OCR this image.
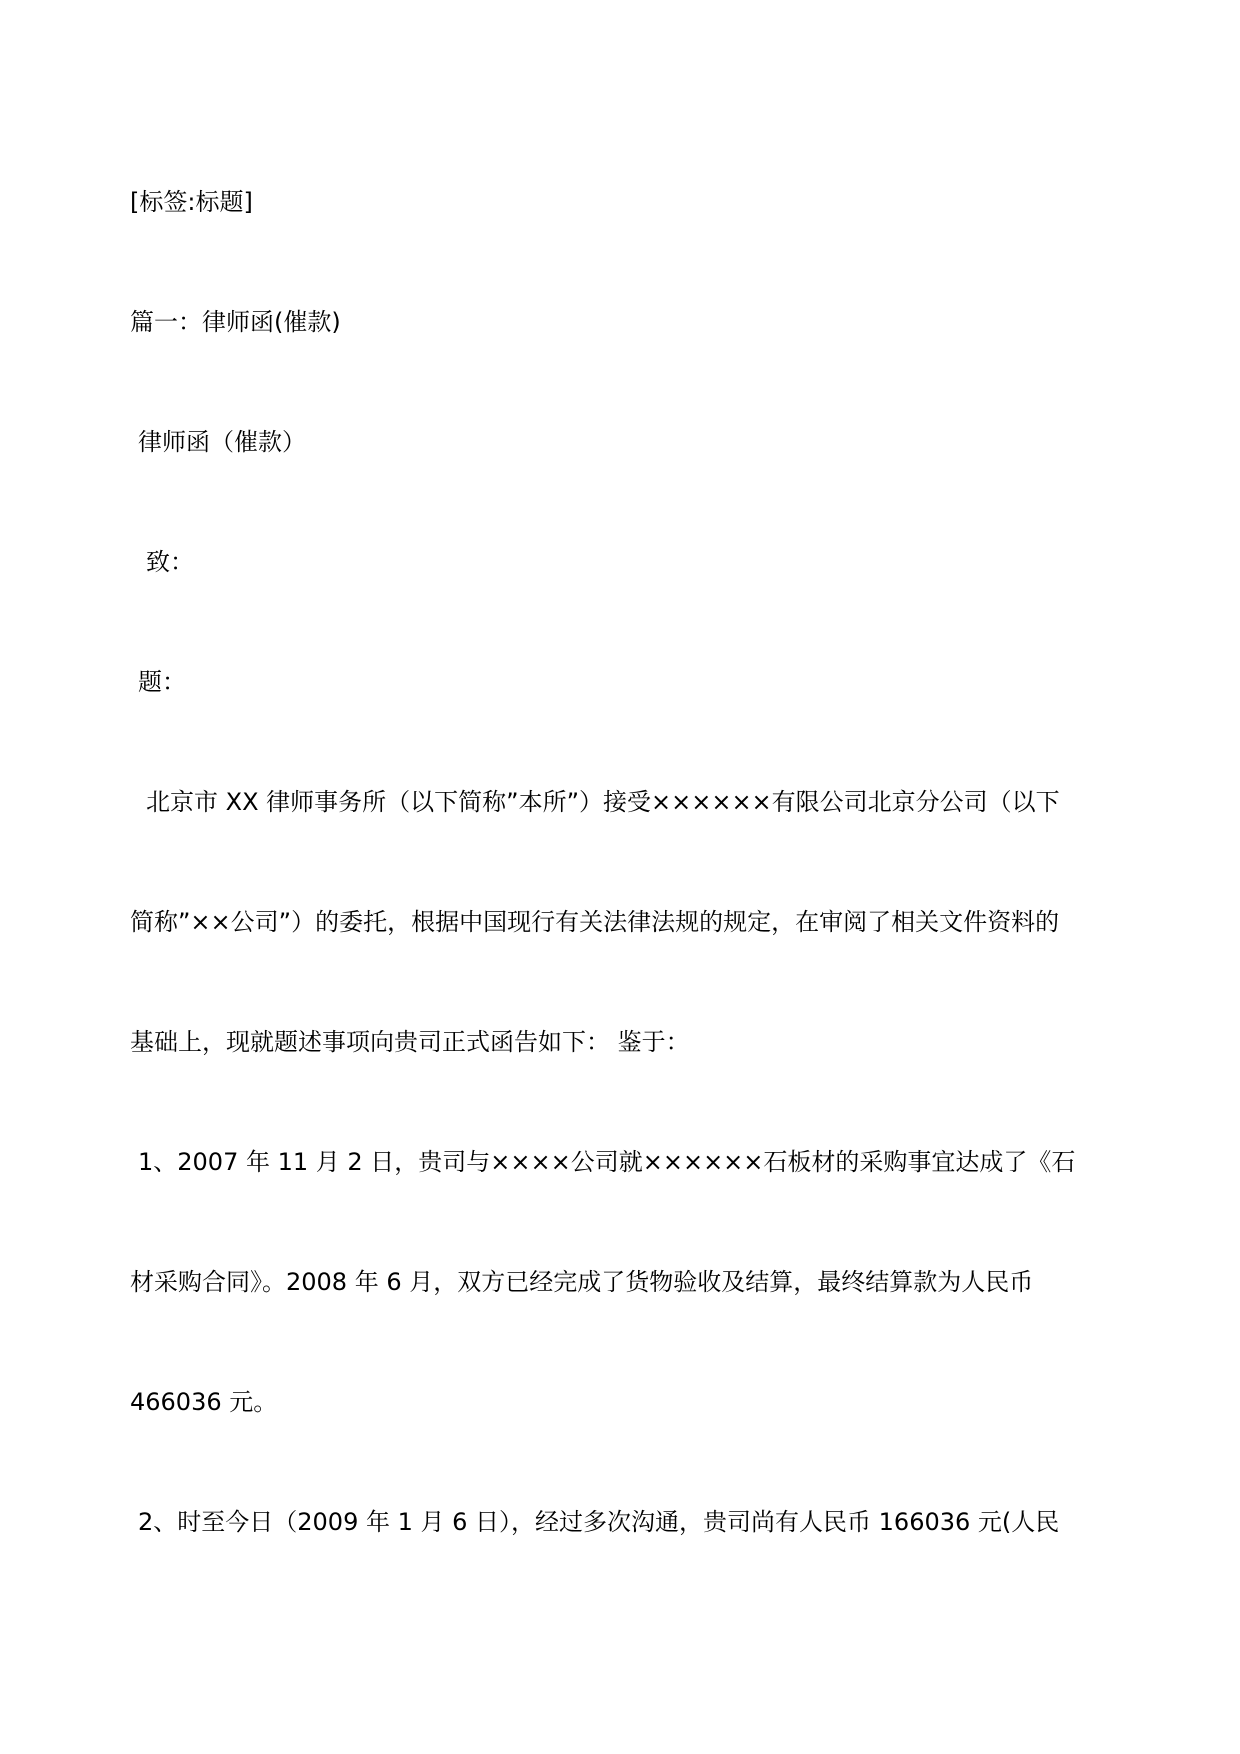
[标签:标题]
篇一：律师函(催款)
律师函（催款）
致：
题：
北京市 XX 律师事务所（以下简称”本所”）接受××××××有限公司北京分公司（以下
简称”××公司”）的委托，根据中国现行有关法律法规的规定，在审阅了相关文件资料的
基础上，现就题述事项向贵司正式函告如下： 鉴于：
1、2007 年 11 月 2 日，贵司与××××公司就××××××石板材的采购事宜达成了《石
材采购合同》。2008 年 6 月，双方已经完成了货物验收及结算，最终结算款为人民币
466036 元。
2、时至今日（2009 年 1 月 6 日），经过多次沟通，贵司尚有人民币 166036 元(人民
